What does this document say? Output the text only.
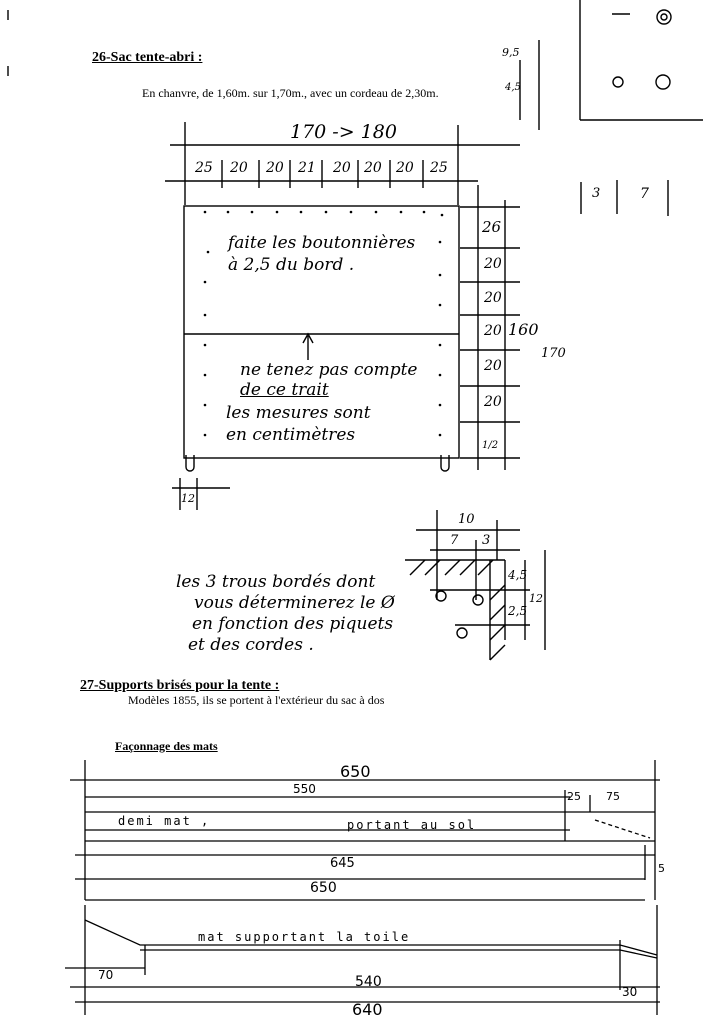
26-Sac tente-abri :
En chanvre, de 1,60m. sur 1,70m., avec un cordeau de 2,30m.
170 -> 180
25 20 20 21 20 20 20 25
26
20
20
20
20
20
1/2
160
170
12
4,5
9,5
3	7
faite les boutonnières
à 2,5 du bord .
ne tenez pas compte
de ce trait
les mesures sont
en centimètres
10
7 3
4,5
2,5
12
les 3 trous bordés dont
vous déterminerez le Ø
en fonction des piquets
et des cordes .
27-Supports brisés pour la tente :
Modèles 1855, ils se portent à l'extérieur du sac à dos
Façonnage des mats
650
550
25 75
demi mat ,	portant au sol
645	5
650
mat supportant la toile
70	540
30
640
